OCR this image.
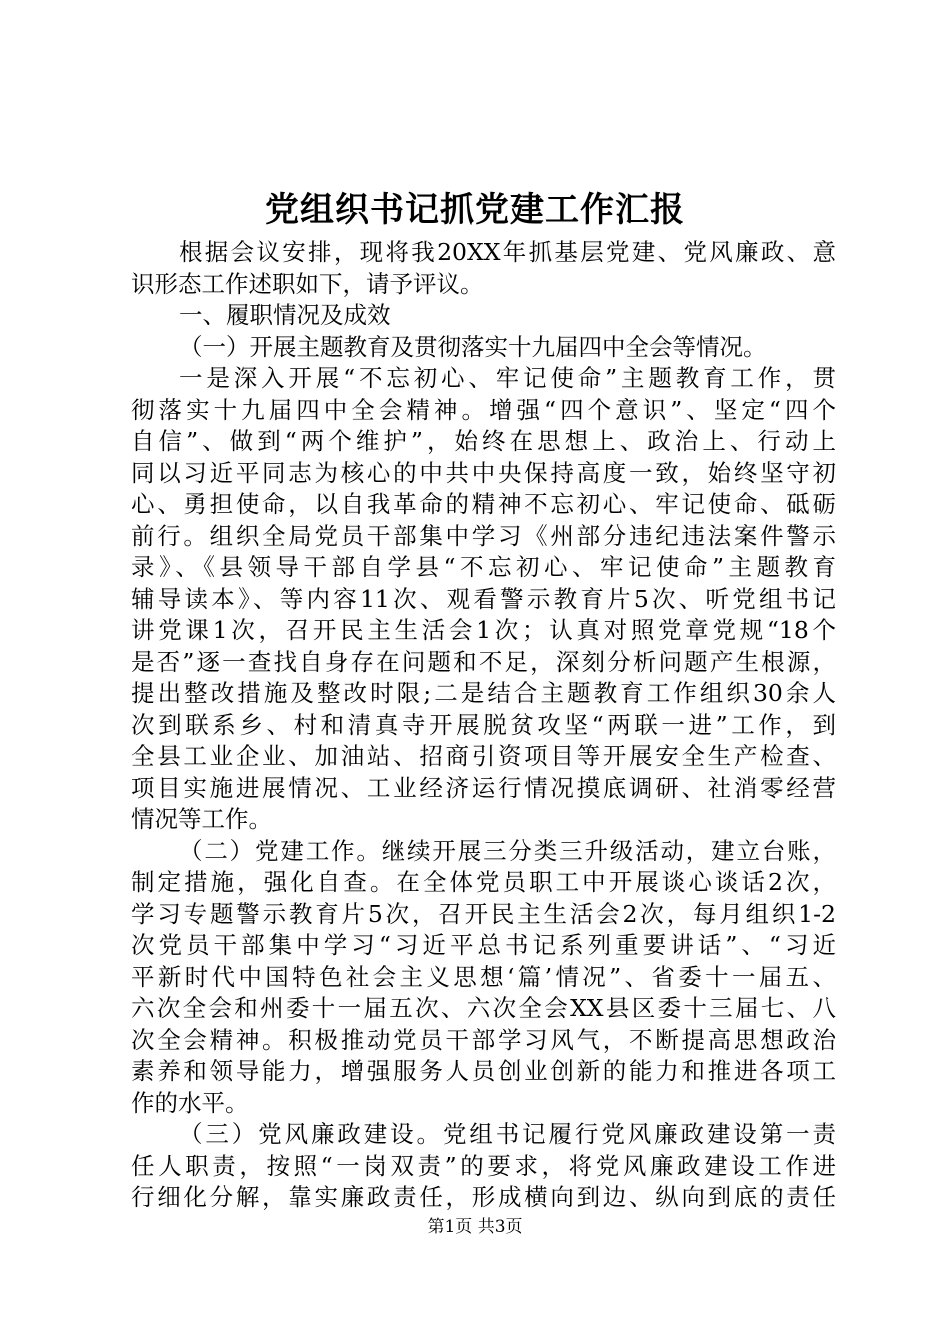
党组织书记抓党建工作汇报
根据会议安排，现将我20XX年抓基层党建、党风廉政、意
识形态工作述职如下，请予评议。
一、履职情况及成效
（一）开展主题教育及贯彻落实十九届四中全会等情况。
一是深入开展“不忘初心、牢记使命”主题教育工作，贯
彻落实十九届四中全会精神。增强“四个意识”、坚定“四个
自信”、做到“两个维护”，始终在思想上、政治上、行动上
同以习近平同志为核心的中共中央保持高度一致，始终坚守初
心、勇担使命，以自我革命的精神不忘初心、牢记使命、砥砺
前行。组织全局党员干部集中学习《州部分违纪违法案件警示
录》、《县领导干部自学县“不忘初心、牢记使命”主题教育
辅导读本》、等内容11次、观看警示教育片5次、听党组书记
讲党课1次，召开民主生活会1次；认真对照党章党规“18个
是否”逐一查找自身存在问题和不足，深刻分析问题产生根源，
提出整改措施及整改时限;二是结合主题教育工作组织30余人
次到联系乡、村和清真寺开展脱贫攻坚“两联一进”工作，到
全县工业企业、加油站、招商引资项目等开展安全生产检查、
项目实施进展情况、工业经济运行情况摸底调研、社消零经营
情况等工作。
（二）党建工作。继续开展三分类三升级活动，建立台账，
制定措施，强化自查。在全体党员职工中开展谈心谈话2次，
学习专题警示教育片5次，召开民主生活会2次，每月组织1-2
次党员干部集中学习“习近平总书记系列重要讲话”、“习近
平新时代中国特色社会主义思想‘篇’情况”、省委十一届五、
六次全会和州委十一届五次、六次全会XX县区委十三届七、八
次全会精神。积极推动党员干部学习风气，不断提高思想政治
素养和领导能力，增强服务人员创业创新的能力和推进各项工
作的水平。
（三）党风廉政建设。党组书记履行党风廉政建设第一责
任人职责，按照“一岗双责”的要求，将党风廉政建设工作进
行细化分解，靠实廉政责任，形成横向到边、纵向到底的责任
第1页 共3页
